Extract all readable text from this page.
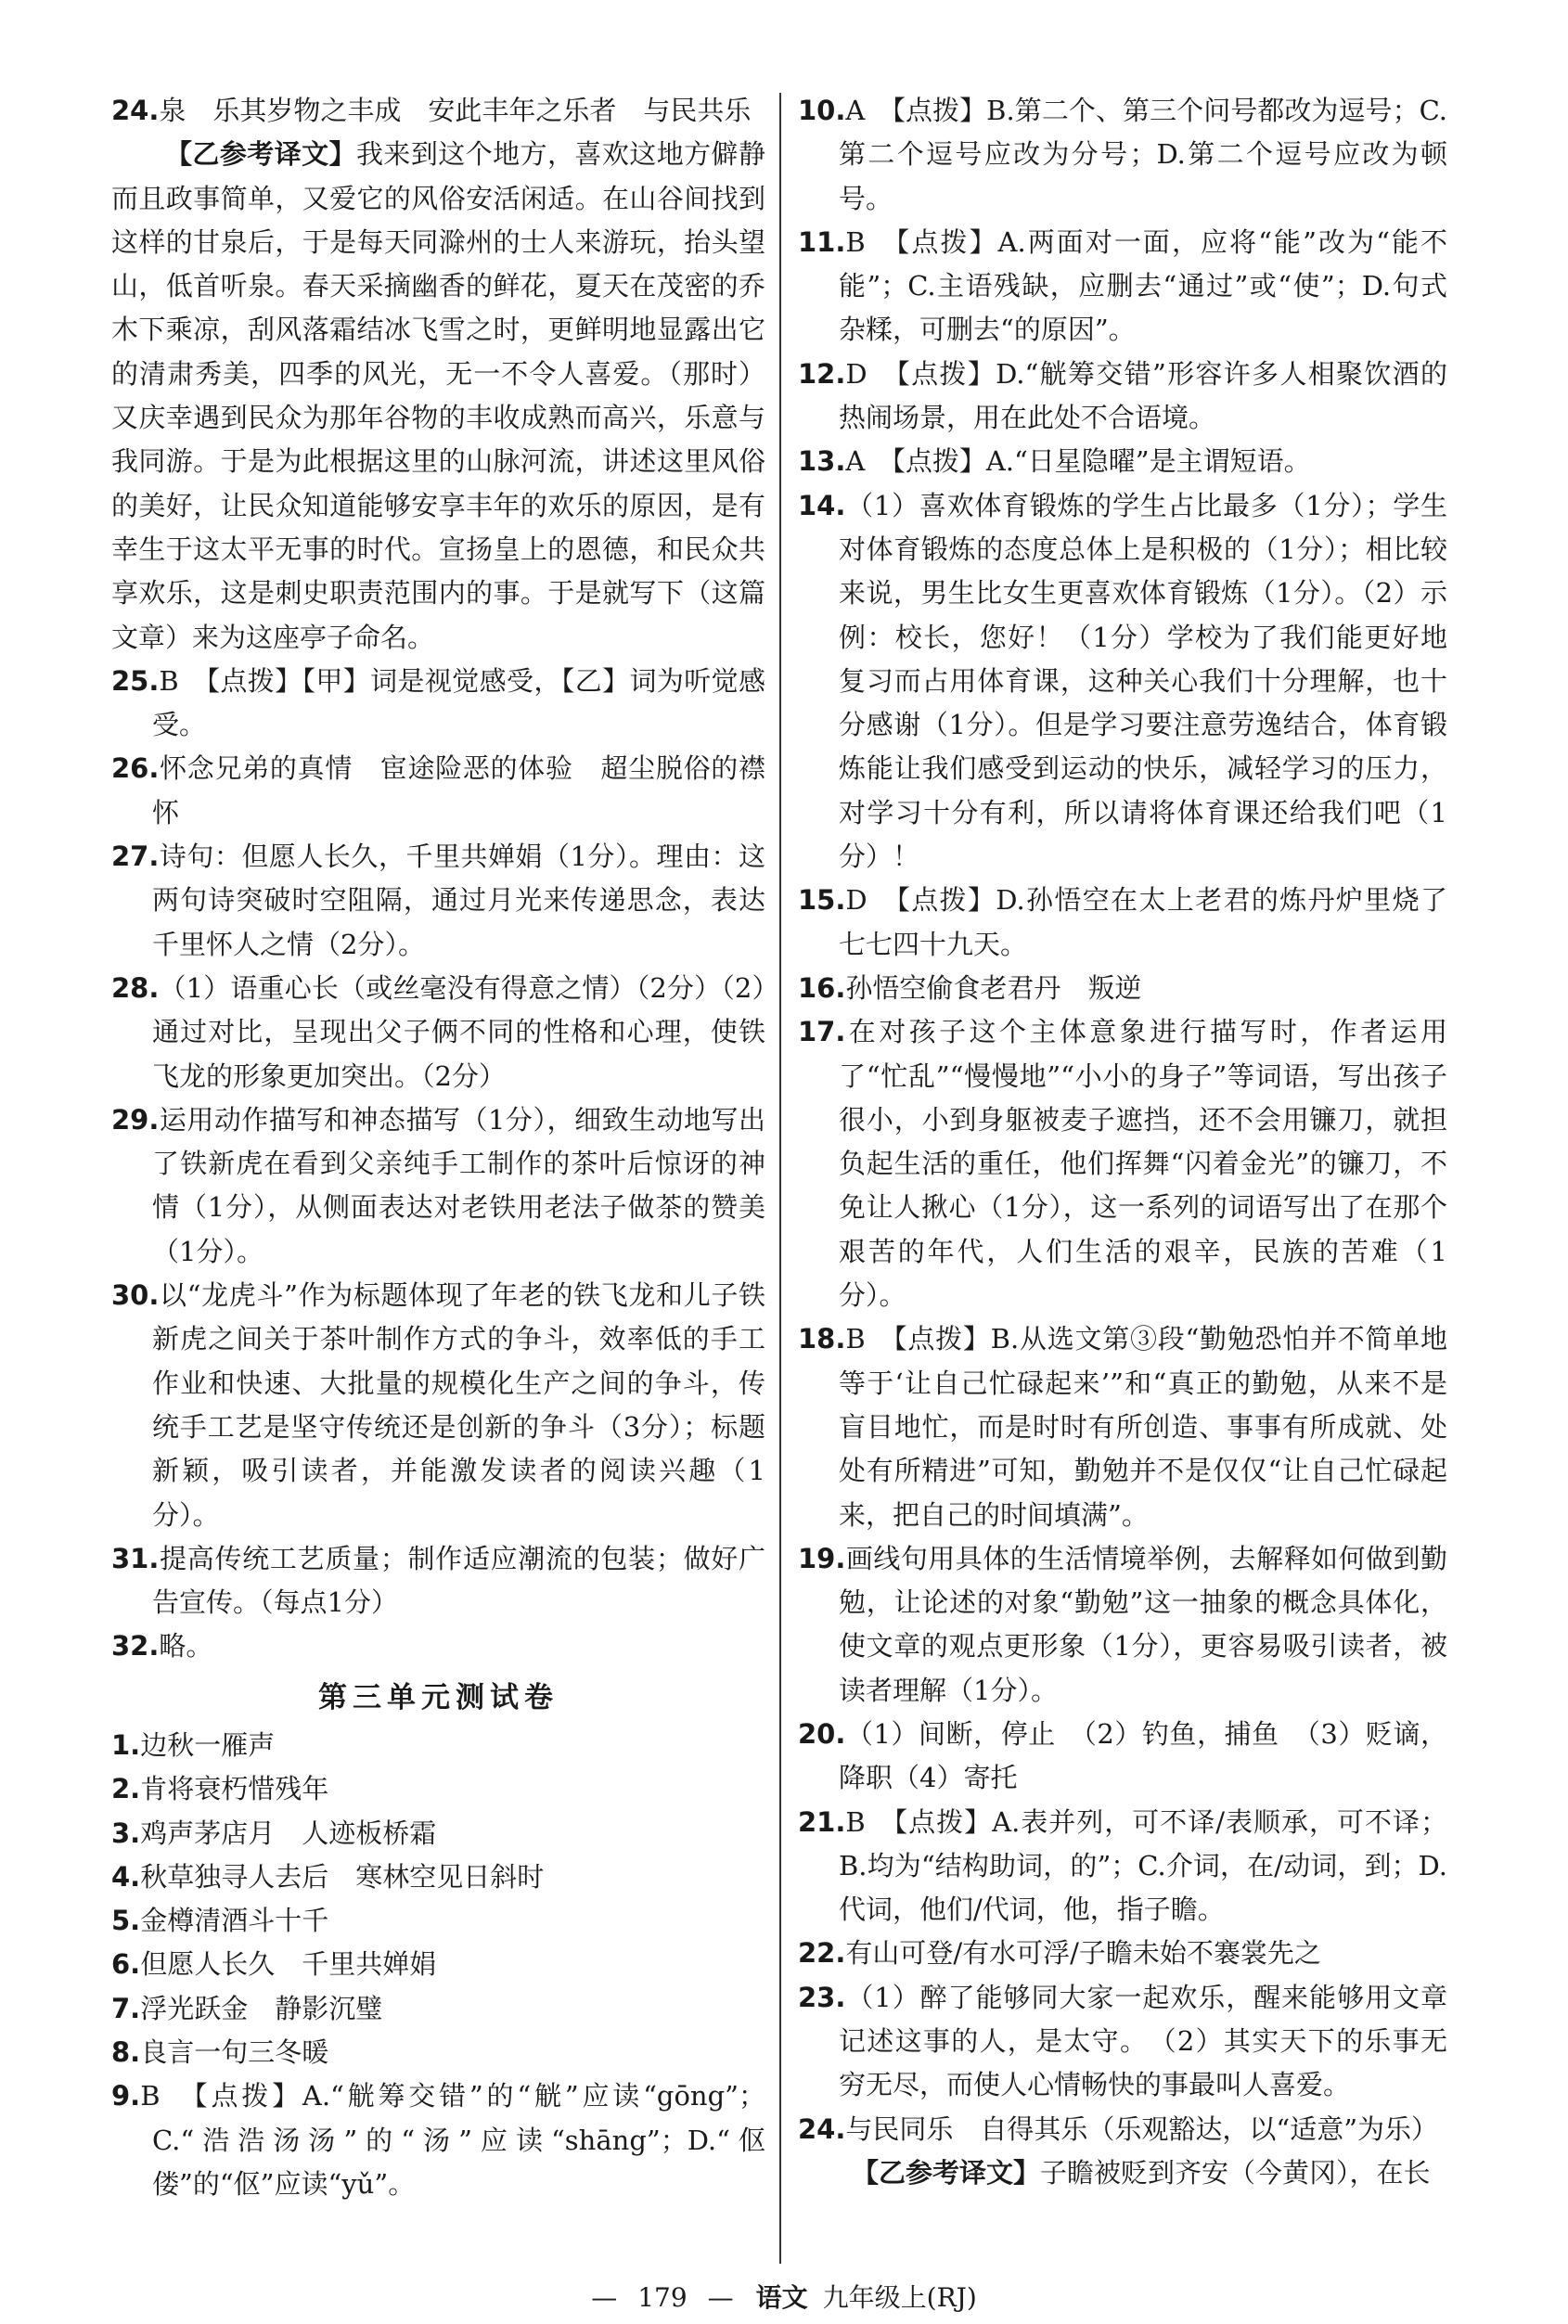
24.泉　乐其岁物之丰成　安此丰年之乐者　与民共乐

【乙参考译文】我来到这个地方，喜欢这地方僻静而且政事简单，又爱它的风俗安活闲适。在山谷间找到这样的甘泉后，于是每天同滁州的士人来游玩，抬头望山，低首听泉。春天采摘幽香的鲜花，夏天在茂密的乔木下乘凉，刮风落霜结冰飞雪之时，更鲜明地显露出它的清肃秀美，四季的风光，无一不令人喜爱。（那时）又庆幸遇到民众为那年谷物的丰收成熟而高兴，乐意与我同游。于是为此根据这里的山脉河流，讲述这里风俗的美好，让民众知道能够安享丰年的欢乐的原因，是有幸生于这太平无事的时代。宣扬皇上的恩德，和民众共享欢乐，这是刺史职责范围内的事。于是就写下（这篇文章）来为这座亭子命名。

25.B　【点拨】【甲】词是视觉感受，【乙】词为听觉感受。

26.怀念兄弟的真情　宦途险恶的体验　超尘脱俗的襟怀

27.诗句：但愿人长久，千里共婵娟（1分）。理由：这两句诗突破时空阻隔，通过月光来传递思念，表达千里怀人之情（2分）。

28.（1）语重心长（或丝毫没有得意之情）（2分）（2）通过对比，呈现出父子俩不同的性格和心理，使铁飞龙的形象更加突出。（2分）

29.运用动作描写和神态描写（1分），细致生动地写出了铁新虎在看到父亲纯手工制作的茶叶后惊讶的神情（1分），从侧面表达对老铁用老法子做茶的赞美（1分）。

30.以“龙虎斗”作为标题体现了年老的铁飞龙和儿子铁新虎之间关于茶叶制作方式的争斗，效率低的手工作业和快速、大批量的规模化生产之间的争斗，传统手工艺是坚守传统还是创新的争斗（3分）；标题新颖，吸引读者，并能激发读者的阅读兴趣（1分）。

31.提高传统工艺质量；制作适应潮流的包装；做好广告宣传。（每点1分）

32.略。

第三单元测试卷

1.边秋一雁声

2.肯将衰朽惜残年

3.鸡声茅店月　人迹板桥霜

4.秋草独寻人去后　寒林空见日斜时

5.金樽清酒斗十千

6.但愿人长久　千里共婵娟

7.浮光跃金　静影沉璧

8.良言一句三冬暖

9.B　【点拨】A.“觥筹交错”的“觥”应读“gōng”；C.“浩浩汤汤”的“汤”应读“shāng”；D.“伛偻”的“伛”应读“yǔ”。

10.A　【点拨】B.第二个、第三个问号都改为逗号；C.第二个逗号应改为分号；D.第二个逗号应改为顿号。

11.B　【点拨】A.两面对一面，应将“能”改为“能不能”；C.主语残缺，应删去“通过”或“使”；D.句式杂糅，可删去“的原因”。

12.D　【点拨】D.“觥筹交错”形容许多人相聚饮酒的热闹场景，用在此处不合语境。

13.A　【点拨】A.“日星隐曜”是主谓短语。

14.（1）喜欢体育锻炼的学生占比最多（1分）；学生对体育锻炼的态度总体上是积极的（1分）；相比较来说，男生比女生更喜欢体育锻炼（1分）。（2）示例：校长，您好！（1分）学校为了我们能更好地复习而占用体育课，这种关心我们十分理解，也十分感谢（1分）。但是学习要注意劳逸结合，体育锻炼能让我们感受到运动的快乐，减轻学习的压力，对学习十分有利，所以请将体育课还给我们吧（1分）！

15.D　【点拨】D.孙悟空在太上老君的炼丹炉里烧了七七四十九天。

16.孙悟空偷食老君丹　叛逆

17.在对孩子这个主体意象进行描写时，作者运用了“忙乱”“慢慢地”“小小的身子”等词语，写出孩子很小，小到身躯被麦子遮挡，还不会用镰刀，就担负起生活的重任，他们挥舞“闪着金光”的镰刀，不免让人揪心（1分），这一系列的词语写出了在那个艰苦的年代，人们生活的艰辛，民族的苦难（1分）。

18.B　【点拨】B.从选文第③段“勤勉恐怕并不简单地等于‘让自己忙碌起来’”和“真正的勤勉，从来不是盲目地忙，而是时时有所创造、事事有所成就、处处有所精进”可知，勤勉并不是仅仅“让自己忙碌起来，把自己的时间填满”。

19.画线句用具体的生活情境举例，去解释如何做到勤勉，让论述的对象“勤勉”这一抽象的概念具体化，使文章的观点更形象（1分），更容易吸引读者，被读者理解（1分）。

20.（1）间断，停止　（2）钓鱼，捕鱼　（3）贬谪，降职（4）寄托

21.B　【点拨】A.表并列，可不译/表顺承，可不译；B.均为“结构助词，的”；C.介词，在/动词，到；D.代词，他们/代词，他，指子瞻。

22.有山可登/有水可浮/子瞻未始不褰裳先之

23.（1）醉了能够同大家一起欢乐，醒来能够用文章记述这事的人，是太守。　（2）其实天下的乐事无穷无尽，而使人心情畅快的事最叫人喜爱。

24.与民同乐　自得其乐（乐观豁达，以“适意”为乐）

【乙参考译文】子瞻被贬到齐安（今黄冈），在长

— 179 — 语文 九年级上(RJ)
